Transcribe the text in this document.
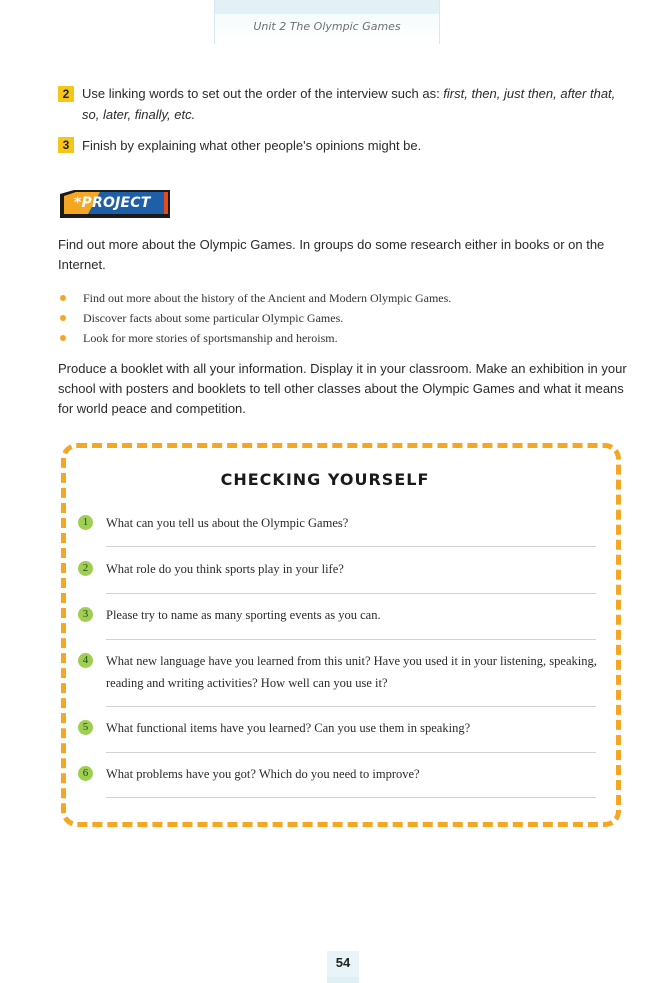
Unit 2 The Olympic Games
2 Use linking words to set out the order of the interview such as: first, then, just then, after that, so, later, finally, etc.
3 Finish by explaining what other people's opinions might be.
*PROJECT
Find out more about the Olympic Games. In groups do some research either in books or on the Internet.
Find out more about the history of the Ancient and Modern Olympic Games.
Discover facts about some particular Olympic Games.
Look for more stories of sportsmanship and heroism.
Produce a booklet with all your information. Display it in your classroom. Make an exhibition in your school with posters and booklets to tell other classes about the Olympic Games and what it means for world peace and competition.
CHECKING YOURSELF
1	What can you tell us about the Olympic Games?
2	What role do you think sports play in your life?
3	Please try to name as many sporting events as you can.
4	What new language have you learned from this unit? Have you used it in your listening, speaking, reading and writing activities? How well can you use it?
5	What functional items have you learned? Can you use them in speaking?
6	What problems have you got? Which do you need to improve?
54
